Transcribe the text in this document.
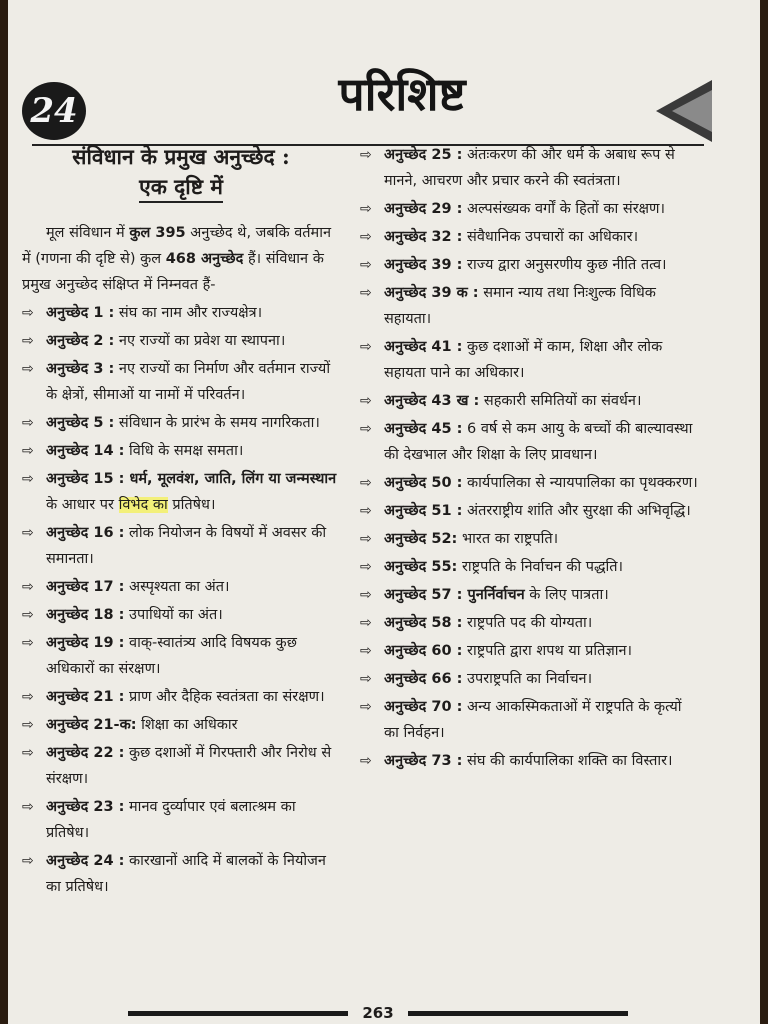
24	परिशिष्ट
संविधान के प्रमुख अनुच्छेद :
एक दृष्टि में

मूल संविधान में कुल 395 अनुच्छेद थे, जबकि वर्तमान में (गणना की दृष्टि से) कुल 468 अनुच्छेद हैं। संविधान के प्रमुख अनुच्छेद संक्षिप्त में निम्नवत हैं-

⇨ अनुच्छेद 1 : संघ का नाम और राज्यक्षेत्र।
⇨ अनुच्छेद 2 : नए राज्यों का प्रवेश या स्थापना।
⇨ अनुच्छेद 3 : नए राज्यों का निर्माण और वर्तमान राज्यों के क्षेत्रों, सीमाओं या नामों में परिवर्तन।
⇨ अनुच्छेद 5 : संविधान के प्रारंभ के समय नागरिकता।
⇨ अनुच्छेद 14 : विधि के समक्ष समता।
⇨ अनुच्छेद 15 : धर्म, मूलवंश, जाति, लिंग या जन्मस्थान के आधार पर विभेद का प्रतिषेध।
⇨ अनुच्छेद 16 : लोक नियोजन के विषयों में अवसर की समानता।
⇨ अनुच्छेद 17 : अस्पृश्यता का अंत।
⇨ अनुच्छेद 18 : उपाधियों का अंत।
⇨ अनुच्छेद 19 : वाक्-स्वातंत्र्य आदि विषयक कुछ अधिकारों का संरक्षण।
⇨ अनुच्छेद 21 : प्राण और दैहिक स्वतंत्रता का संरक्षण।
⇨ अनुच्छेद 21-क: शिक्षा का अधिकार
⇨ अनुच्छेद 22 : कुछ दशाओं में गिरफ्तारी और निरोध से संरक्षण।
⇨ अनुच्छेद 23 : मानव दुर्व्यापार एवं बलात्श्रम का प्रतिषेध।
⇨ अनुच्छेद 24 : कारखानों आदि में बालकों के नियोजन का प्रतिषेध।
⇨ अनुच्छेद 25 : अंतःकरण की और धर्म के अबाध रूप से मानने, आचरण और प्रचार करने की स्वतंत्रता।
⇨ अनुच्छेद 29 : अल्पसंख्यक वर्गों के हितों का संरक्षण।
⇨ अनुच्छेद 32 : संवैधानिक उपचारों का अधिकार।
⇨ अनुच्छेद 39 : राज्य द्वारा अनुसरणीय कुछ नीति तत्व।
⇨ अनुच्छेद 39 क : समान न्याय तथा निःशुल्क विधिक सहायता।
⇨ अनुच्छेद 41 : कुछ दशाओं में काम, शिक्षा और लोक सहायता पाने का अधिकार।
⇨ अनुच्छेद 43 ख : सहकारी समितियों का संवर्धन।
⇨ अनुच्छेद 45 : 6 वर्ष से कम आयु के बच्चों की बाल्यावस्था की देखभाल और शिक्षा के लिए प्रावधान।
⇨ अनुच्छेद 50 : कार्यपालिका से न्यायपालिका का पृथक्करण।
⇨ अनुच्छेद 51 : अंतरराष्ट्रीय शांति और सुरक्षा की अभिवृद्धि।
⇨ अनुच्छेद 52: भारत का राष्ट्रपति।
⇨ अनुच्छेद 55: राष्ट्रपति के निर्वाचन की पद्धति।
⇨ अनुच्छेद 57 : पुनर्निर्वाचन के लिए पात्रता।
⇨ अनुच्छेद 58 : राष्ट्रपति पद की योग्यता।
⇨ अनुच्छेद 60 : राष्ट्रपति द्वारा शपथ या प्रतिज्ञान।
⇨ अनुच्छेद 66 : उपराष्ट्रपति का निर्वाचन।
⇨ अनुच्छेद 70 : अन्य आकस्मिकताओं में राष्ट्रपति के कृत्यों का निर्वहन।
⇨ अनुच्छेद 73 : संघ की कार्यपालिका शक्ति का विस्तार।
263
